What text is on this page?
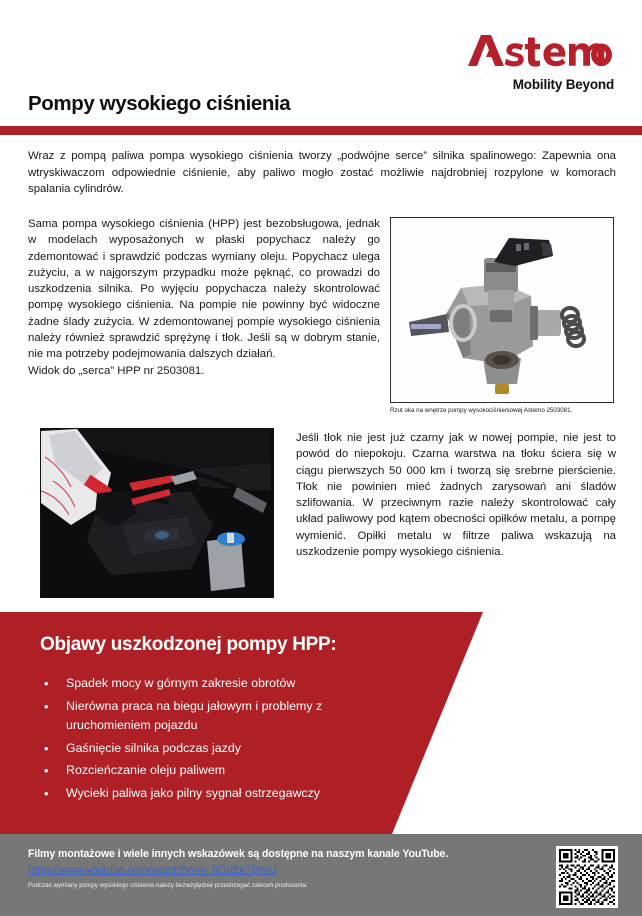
Mobility Beyond
Pompy wysokiego ciśnienia

Wraz z pompą paliwa pompa wysokiego ciśnienia tworzy „podwójne serce” silnika spalinowego: Zapewnia ona wtryskiwaczom odpowiednie ciśnienie, aby paliwo mogło zostać możliwie najdrobniej rozpylone w komorach spalania cylindrów.

Sama pompa wysokiego ciśnienia (HPP) jest bezobsługowa, jednak w modelach wyposażonych w płaski popychacz należy go zdemontować i sprawdzić podczas wymiany oleju. Popychacz ulega zużyciu, a w najgorszym przypadku może pęknąć, co prowadzi do uszkodzenia silnika. Po wyjęciu popychacza należy skontrolować pompę wysokiego ciśnienia. Na pompie nie powinny być widoczne żadne ślady zużycia. W zdemontowanej pompie wysokiego ciśnienia należy również sprawdzić sprężynę i tłok. Jeśli są w dobrym stanie, nie ma potrzeby podejmowania dalszych działań.

Widok do „serca” HPP nr 2503081.

Rzut oka na wnętrze pompy wysokociśnieniowej Astemo 2503081.

Jeśli tłok nie jest już czarny jak w nowej pompie, nie jest to powód do niepokoju. Czarna warstwa na tłoku ściera się w ciągu pierwszych 50 000 km i tworzą się srebrne pierścienie. Tłok nie powinien mieć żadnych zarysowań ani śladów szlifowania. W przeciwnym razie należy skontrolować cały układ paliwowy pod kątem obecności opiłków metalu, a pompę wymienić. Opiłki metalu w filtrze paliwa wskazują na uszkodzenie pompy wysokiego ciśnienia.

Objawy uszkodzonej pompy HPP:
• Spadek mocy w górnym zakresie obrotów
• Nierówna praca na biegu jałowym i problemy z uruchomieniem pojazdu
• Gaśnięcie silnika podczas jazdy
• Rozcieńczanie oleju paliwem
• Wycieki paliwa jako pilny sygnał ostrzegawczy
Filmy montażowe i wiele innych wskazówek są dostępne na naszym kanale YouTube.
https://www.youtube.com/watch?v=m_8G0Ek7QmU
Podczas wymiany pompy wysokiego ciśnienia należy bezwzględnie przestrzegać zaleceń producenta.
